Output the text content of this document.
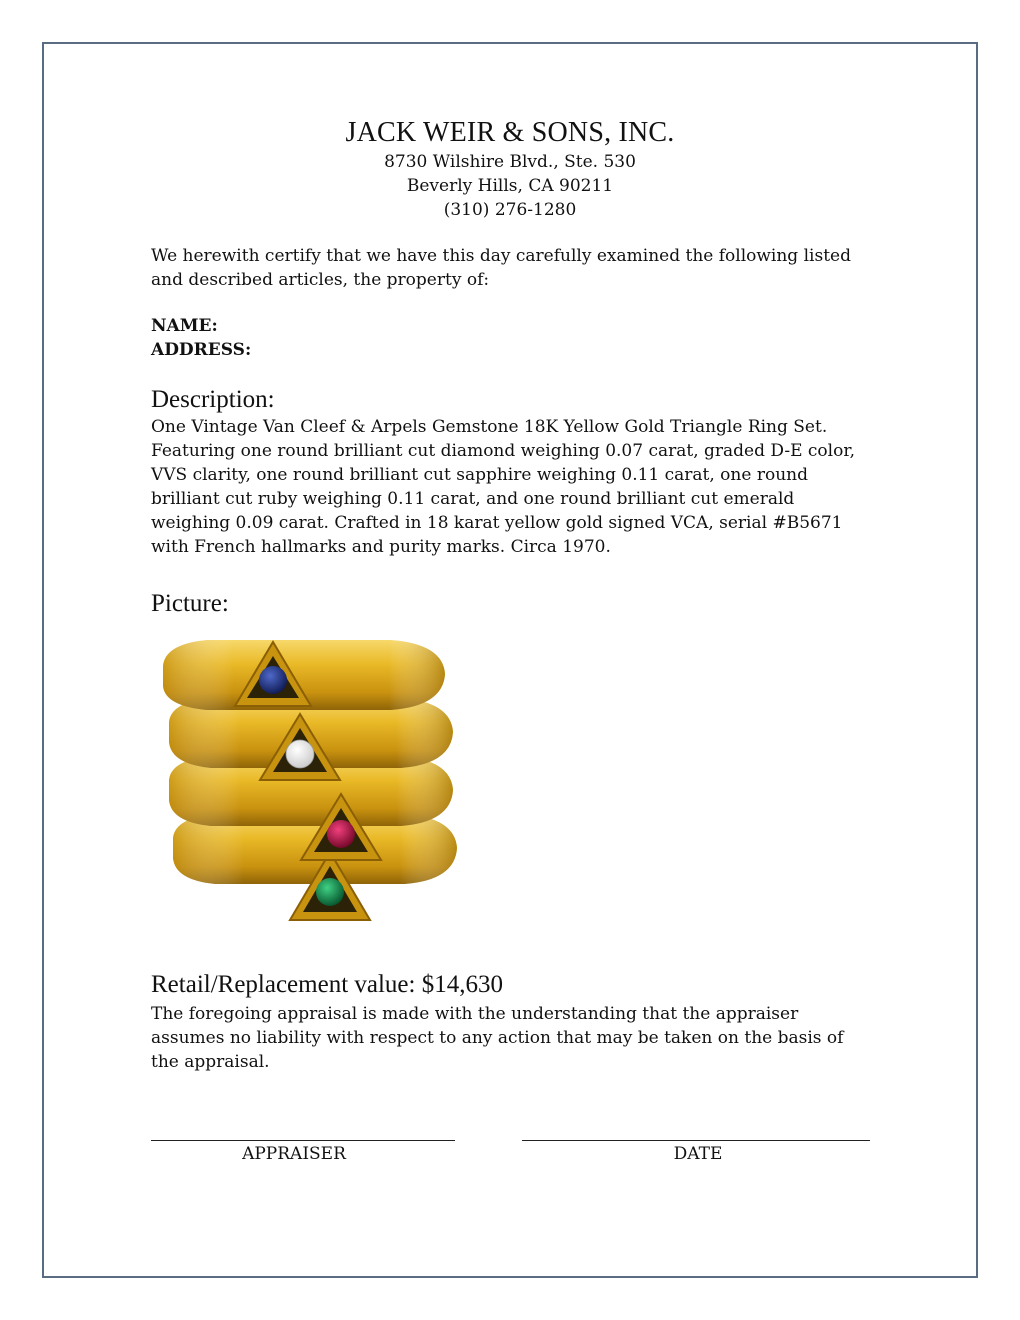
JACK WEIR & SONS, INC.
8730 Wilshire Blvd., Ste. 530
Beverly Hills, CA 90211
(310) 276-1280
We herewith certify that we have this day carefully examined the following listed and described articles, the property of:
NAME:
ADDRESS:
Description:
One Vintage Van Cleef & Arpels Gemstone 18K Yellow Gold Triangle Ring Set. Featuring one round brilliant cut diamond weighing 0.07 carat, graded D-E color, VVS clarity, one round brilliant cut sapphire weighing 0.11 carat, one round brilliant cut ruby weighing 0.11 carat, and one round brilliant cut emerald weighing 0.09 carat. Crafted in 18 karat yellow gold signed VCA, serial #B5671 with French hallmarks and purity marks. Circa 1970.
Picture:
Retail/Replacement value: $14,630
The foregoing appraisal is made with the understanding that the appraiser assumes no liability with respect to any action that may be taken on the basis of the appraisal.
APPRAISER	DATE
